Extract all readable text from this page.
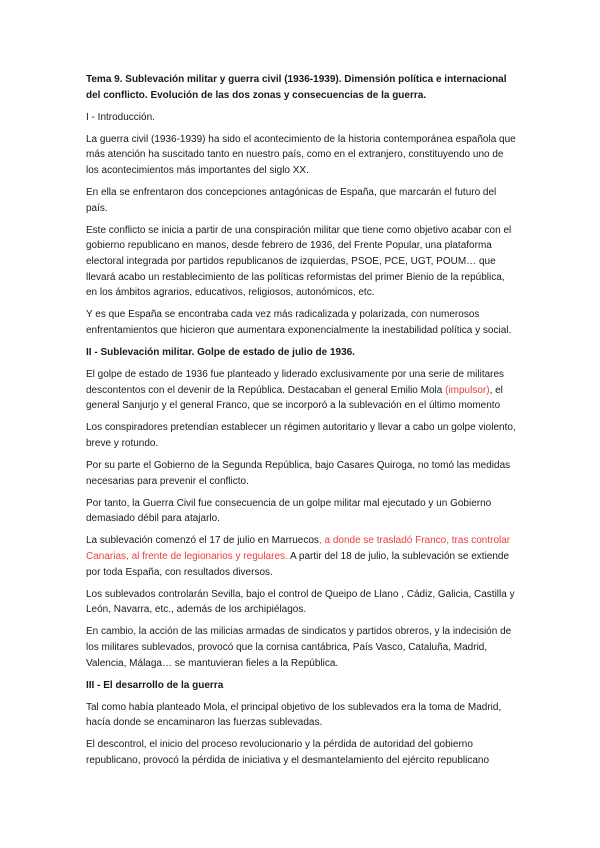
Tema 9. Sublevación militar y guerra civil (1936-1939). Dimensión política e internacional del conflicto. Evolución de las dos zonas y consecuencias de la guerra.

I - Introducción.

La guerra civil (1936-1939) ha sido el acontecimiento de la historia contemporánea española que más atención ha suscitado tanto en nuestro país, como en el extranjero, constituyendo uno de los acontecimientos más importantes del siglo XX.

En ella se enfrentaron dos concepciones antagónicas de España, que marcarán el futuro del país.

Este conflicto se inicia a partir de una conspiración militar que tiene como objetivo acabar con el gobierno republicano en manos, desde febrero de 1936, del Frente Popular, una plataforma electoral integrada por partidos republicanos de izquierdas, PSOE, PCE, UGT, POUM… que llevará acabo un restablecimiento de las políticas reformistas del primer Bienio de la república, en los ámbitos agrarios, educativos, religiosos, autonómicos, etc.

Y es que España se encontraba cada vez más radicalizada y polarizada, con numerosos enfrentamientos que hicieron que aumentara exponencialmente la inestabilidad política y social.

II - Sublevación militar. Golpe de estado de julio de 1936.

El golpe de estado de 1936 fue planteado y liderado exclusivamente por una serie de militares descontentos con el devenir de la República. Destacaban el general Emilio Mola (impulsor), el general Sanjurjo y el general Franco, que se incorporó a la sublevación en el último momento

Los conspiradores pretendían establecer un régimen autoritario y llevar a cabo un golpe violento, breve y rotundo.

Por su parte el Gobierno de la Segunda República, bajo Casares Quiroga, no tomó las medidas necesarias para prevenir el conflicto.

Por tanto, la Guerra Civil fue consecuencia de un golpe militar mal ejecutado y un Gobierno demasiado débil para atajarlo.

La sublevación comenzó el 17 de julio en Marruecos, a donde se trasladó Franco, tras controlar Canarias, al frente de legionarios y regulares. A partir del 18 de julio, la sublevación se extiende por toda España, con resultados diversos.

Los sublevados controlarán Sevilla, bajo el control de Queipo de Llano , Cádiz, Galicia, Castilla y León, Navarra, etc., además de los archipiélagos.

En cambio, la acción de las milicias armadas de sindicatos y partidos obreros, y la indecisión de los militares sublevados, provocó que la cornisa cantábrica, País Vasco, Cataluña, Madrid, Valencia, Málaga… se mantuvieran fieles a la República.

III - El desarrollo de la guerra

Tal como había planteado Mola, el principal objetivo de los sublevados era la toma de Madrid, hacía donde se encaminaron las fuerzas sublevadas.

El descontrol, el inicio del proceso revolucionario y la pérdida de autoridad del gobierno republicano, provocó la pérdida de iniciativa y el desmantelamiento del ejército republicano
